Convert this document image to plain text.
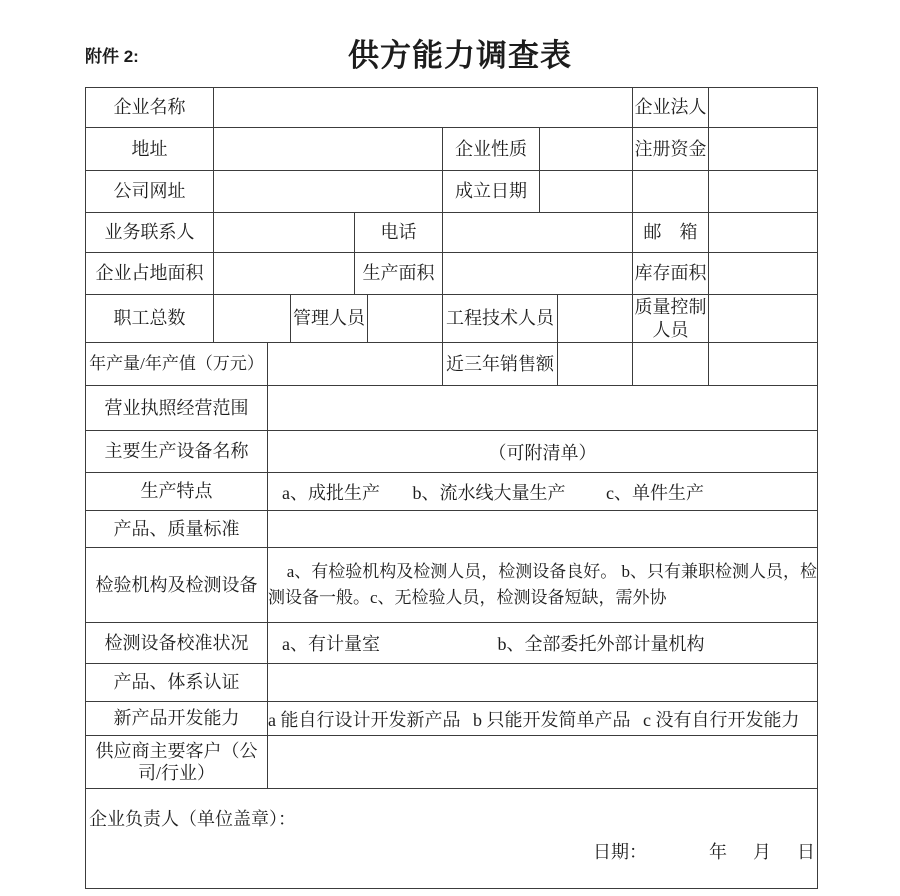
附件 2:	供方能力调查表
企业名称									企业法人	
地址						企业性质			注册资金	
公司网址						成立日期				
业务联系人				电话					邮　箱	
企业占地面积				生产面积					库存面积	
职工总数			管理人员			工程技术人员			质量控制人员	
年产量/年产值（万元）						近三年销售额				
营业执照经营范围										
主要生产设备名称		（可附清单）								
生产特点		a、成批生产 b、流水线大量生产 c、单件生产								
产品、质量标准										
检验机构及检测设备		a、有检验机构及检测人员，检测设备良好。 b、只有兼职检测人员，检测设备一般。c、无检验人员，检测设备短缺，需外协								

检测设备校准状况		a、有计量室 b、全部委托外部计量机构								
产品、体系认证										
新产品开发能力		a 能自行设计开发新产品 b 只能开发简单产品 c 没有自行开发能力								
供应商主要客户（公司/行业）										

企业负责人（单位盖章）：
日期： 年 月 日										
